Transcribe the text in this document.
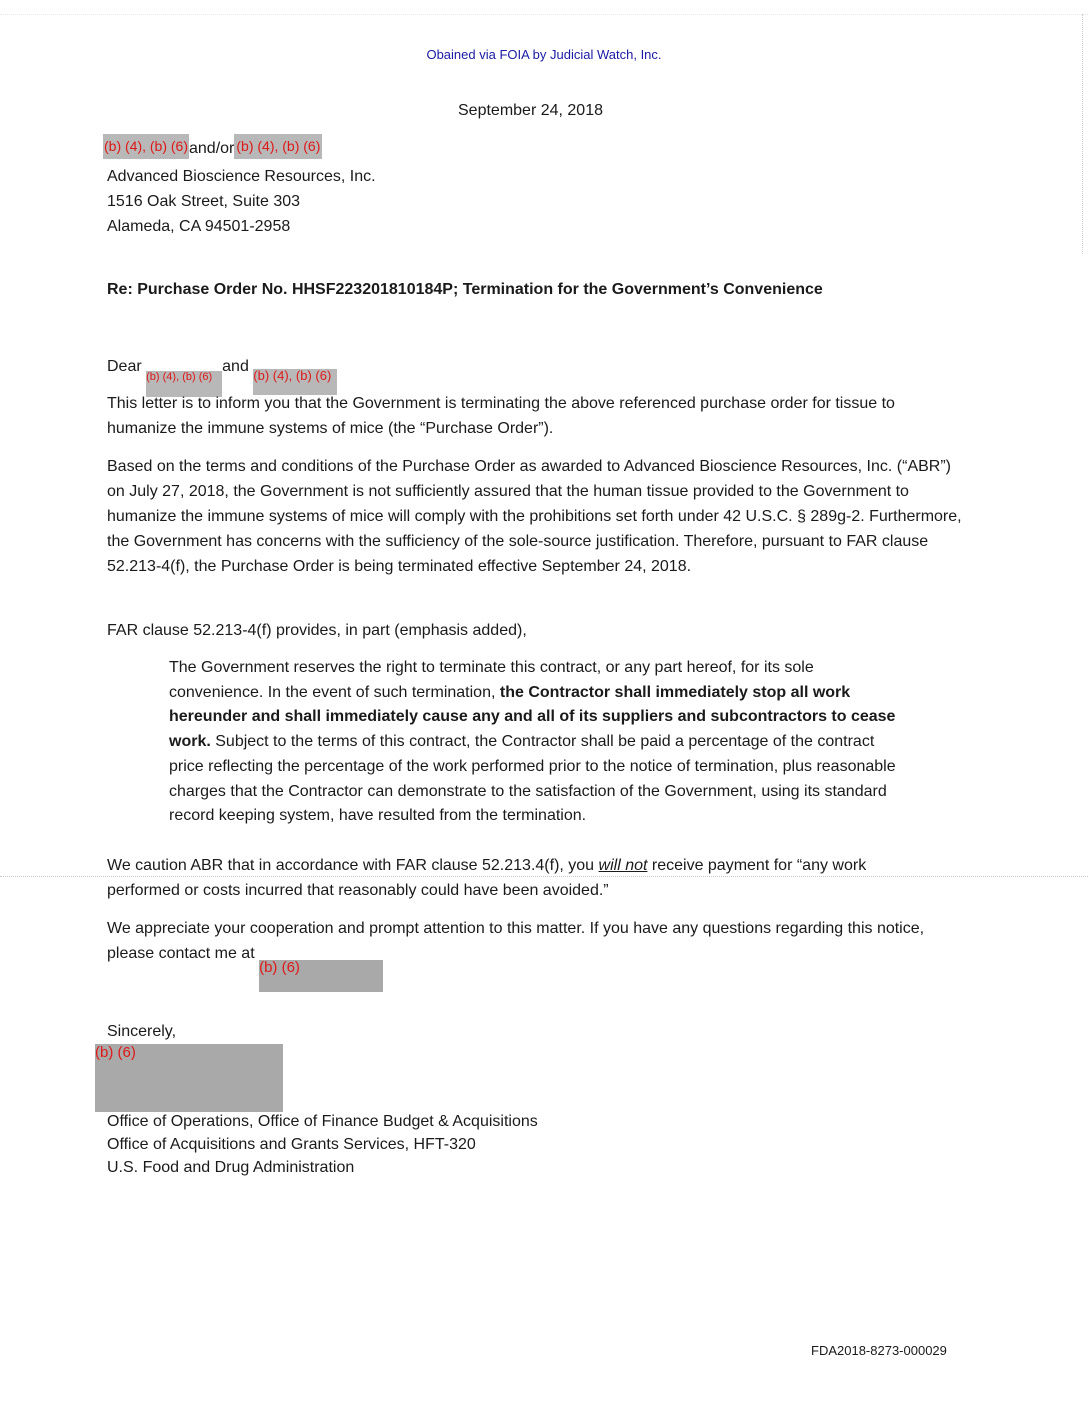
Obained via FOIA by Judicial Watch, Inc.
September 24, 2018
(b) (4), (b) (6)and/or (b) (4), (b) (6)
Advanced Bioscience Resources, Inc.
1516 Oak Street, Suite 303
Alameda, CA 94501-2958
Re: Purchase Order No. HHSF223201810184P; Termination for the Government’s Convenience
Dear (b) (4), (b) (6)and (b) (4), (b) (6)
This letter is to inform you that the Government is terminating the above referenced purchase order for tissue to humanize the immune systems of mice (the “Purchase Order”).
Based on the terms and conditions of the Purchase Order as awarded to Advanced Bioscience Resources, Inc. (“ABR”) on July 27, 2018, the Government is not sufficiently assured that the human tissue provided to the Government to humanize the immune systems of mice will comply with the prohibitions set forth under 42 U.S.C. § 289g-2. Furthermore, the Government has concerns with the sufficiency of the sole-source justification. Therefore, pursuant to FAR clause 52.213-4(f), the Purchase Order is being terminated effective September 24, 2018.
FAR clause 52.213-4(f) provides, in part (emphasis added),
The Government reserves the right to terminate this contract, or any part hereof, for its sole convenience. In the event of such termination, the Contractor shall immediately stop all work hereunder and shall immediately cause any and all of its suppliers and subcontractors to cease work. Subject to the terms of this contract, the Contractor shall be paid a percentage of the contract price reflecting the percentage of the work performed prior to the notice of termination, plus reasonable charges that the Contractor can demonstrate to the satisfaction of the Government, using its standard record keeping system, have resulted from the termination.
We caution ABR that in accordance with FAR clause 52.213.4(f), you will not receive payment for “any work performed or costs incurred that reasonably could have been avoided.”
We appreciate your cooperation and prompt attention to this matter. If you have any questions regarding this notice, please contact me at (b) (6)
Sincerely,
(b) (6)
Office of Operations, Office of Finance Budget & Acquisitions
Office of Acquisitions and Grants Services, HFT-320
U.S. Food and Drug Administration
FDA2018-8273-000029
